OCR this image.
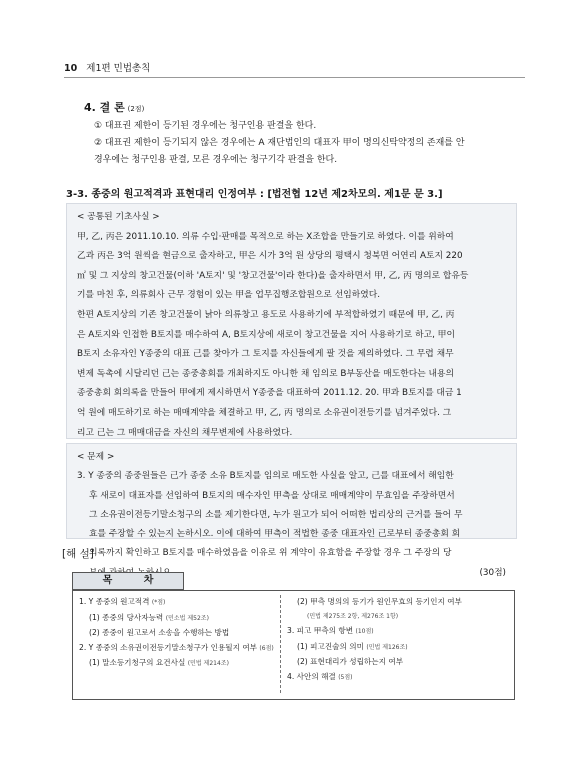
10 제1편 민법총칙

4. 결 론 (2점)

① 대표권 제한이 등기된 경우에는 청구인용 판결을 한다.

② 대표권 제한이 등기되지 않은 경우에는 A 재단법인의 대표자 甲이 명의신탁약정의 존재를 안

경우에는 청구인용 판결, 모른 경우에는 청구기각 판결을 한다.

3-3. 종중의 원고적격과 표현대리 인정여부 : [법전협 12년 제2차모의. 제1문 문 3.]

< 공통된 기초사실 >

甲, 乙, 丙은 2011.10.10. 의류 수입·판매를 목적으로 하는 X조합을 만들기로 하였다. 이를 위하여

乙과 丙은 3억 원씩을 현금으로 출자하고, 甲은 시가 3억 원 상당의 평택시 청북면 어연리 A토지 220

㎡ 및 그 지상의 창고건물(이하 'A토지' 및 '창고건물'이라 한다)을 출자하면서 甲, 乙, 丙 명의로 합유등

기를 마친 후, 의류회사 근무 경험이 있는 甲을 업무집행조합원으로 선임하였다.

한편 A토지상의 기존 창고건물이 낡아 의류창고 용도로 사용하기에 부적합하였기 때문에 甲, 乙, 丙

은 A토지와 인접한 B토지를 매수하여 A, B토지상에 새로이 창고건물을 지어 사용하기로 하고, 甲이

B토지 소유자인 Y종중의 대표 己를 찾아가 그 토지를 자신들에게 팔 것을 제의하였다. 그 무렵 채무

변제 독촉에 시달리던 己는 종중총회를 개최하지도 아니한 채 임의로 B부동산을 매도한다는 내용의

종중총회 회의록을 만들어 甲에게 제시하면서 Y종중을 대표하여 2011.12. 20. 甲과 B토지를 대금 1

억 원에 매도하기로 하는 매매계약을 체결하고 甲, 乙, 丙 명의로 소유권이전등기를 넘겨주었다. 그

리고 己는 그 매매대금을 자신의 채무변제에 사용하였다.

< 문제 >

3. Y 종중의 종중원들은 己가 종중 소유 B토지를 임의로 매도한 사실을 알고, 己를 대표에서 해임한

후 새로이 대표자를 선임하여 B토지의 매수자인 甲측을 상대로 매매계약이 무효임을 주장하면서

그 소유권이전등기말소청구의 소를 제기한다면, 누가 원고가 되어 어떠한 법리상의 근거를 들어 무

효를 주장할 수 있는지 논하시오. 이에 대하여 甲측이 적법한 종중 대표자인 己로부터 종중총회 회

의록까지 확인하고 B토지를 매수하였음을 이유로 위 계약이 유효함을 주장할 경우 그 주장의 당

(30점)

[해 설]
목 차
1. Y 종중의 원고적격 (*점)
(1) 종중의 당사자능력 (민소법 제52조)
(2) 종중이 원고로서 소송을 수행하는 방법
2. Y 종중의 소유권이전등기말소청구가 인용될지 여부 (6점)
(1) 말소등기청구의 요건사실 (민법 제214조)
(2) 甲측 명의의 등기가 원인무효의 등기인지 여부
(민법 제275조 2항, 제276조 1항)
3. 피고 甲측의 항변 (10점)
(1) 피고진술의 의미 (민법 제126조)
(2) 표현대리가 성립하는지 여부
4. 사안의 해결 (5점)
